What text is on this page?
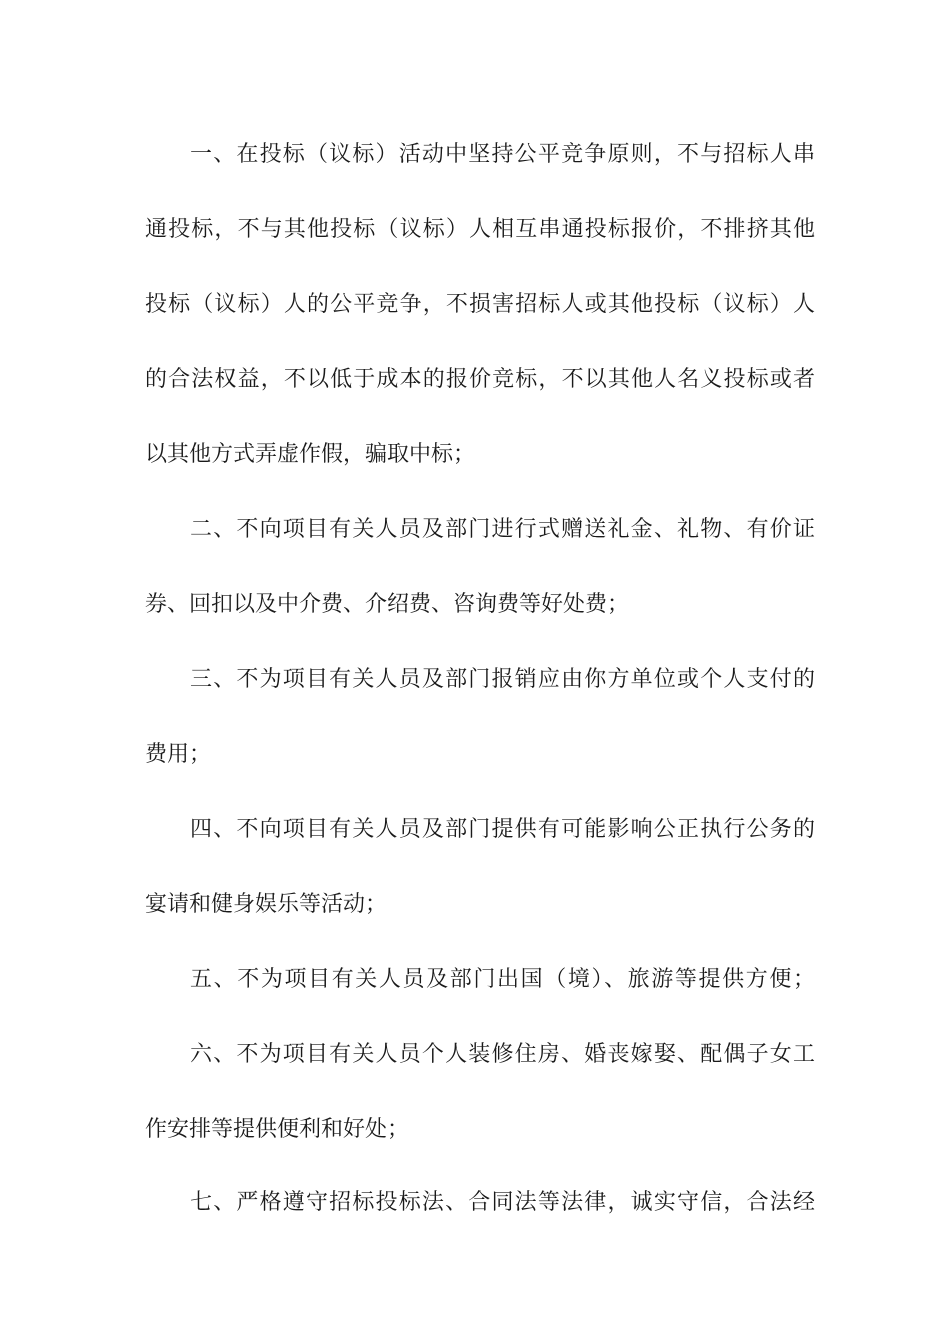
一、在投标（议标）活动中坚持公平竞争原则，不与招标人串
通投标，不与其他投标（议标）人相互串通投标报价，不排挤其他
投标（议标）人的公平竞争，不损害招标人或其他投标（议标）人
的合法权益，不以低于成本的报价竞标，不以其他人名义投标或者
以其他方式弄虚作假，骗取中标；
二、不向项目有关人员及部门进行式赠送礼金、礼物、有价证
券、回扣以及中介费、介绍费、咨询费等好处费；
三、不为项目有关人员及部门报销应由你方单位或个人支付的
费用；
四、不向项目有关人员及部门提供有可能影响公正执行公务的
宴请和健身娱乐等活动；
五、不为项目有关人员及部门出国（境）、旅游等提供方便；
六、不为项目有关人员个人装修住房、婚丧嫁娶、配偶子女工
作安排等提供便利和好处；
七、严格遵守招标投标法、合同法等法律，诚实守信，合法经
